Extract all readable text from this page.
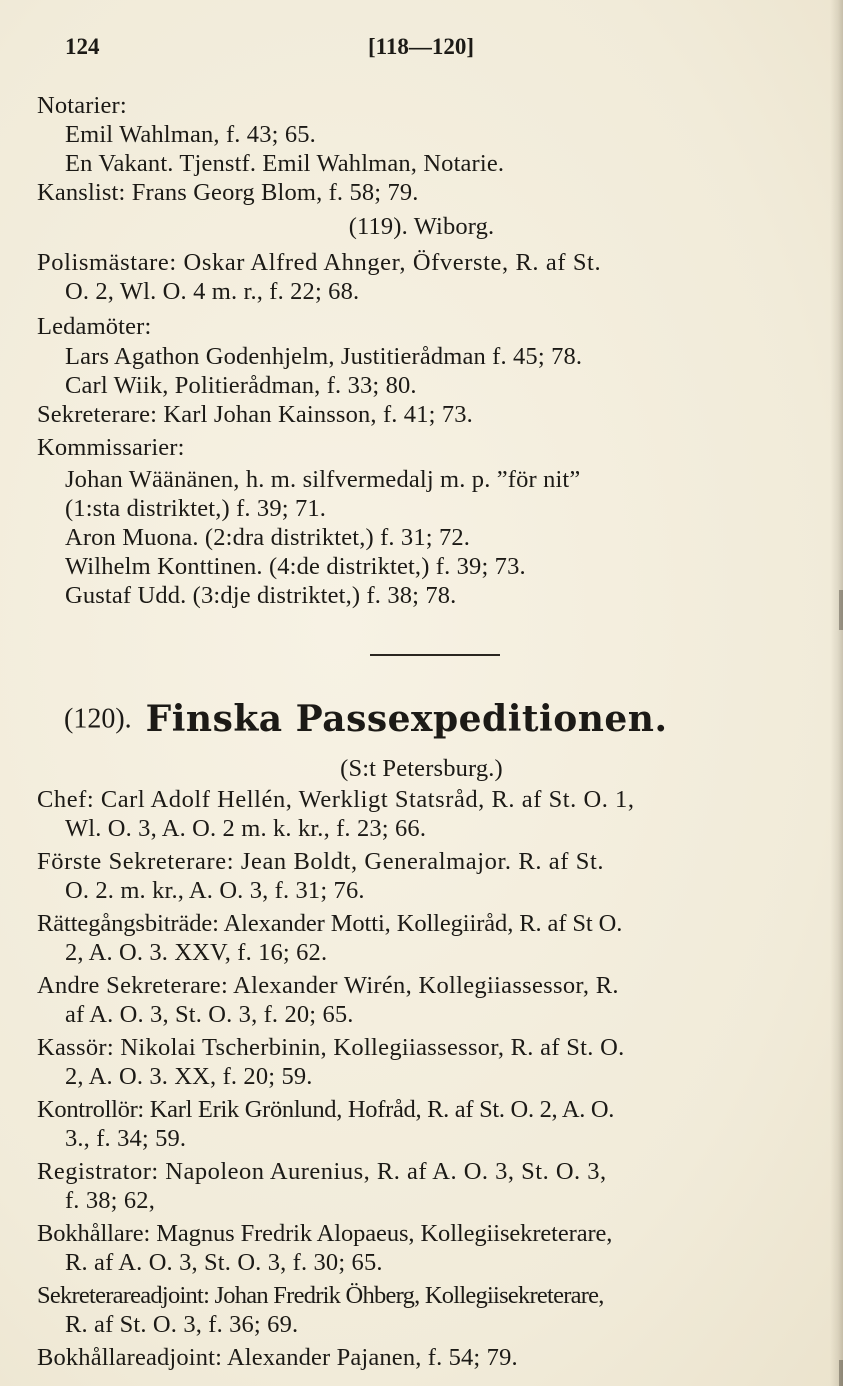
124	[118—120]
Notarier:
Emil Wahlman, f. 43; 65.
En Vakant. Tjenstf. Emil Wahlman, Notarie.
Kanslist: Frans Georg Blom, f. 58; 79.
(119). Wiborg.
Polismästare: Oskar Alfred Ahnger, Öfverste, R. af St.
O. 2, Wl. O. 4 m. r., f. 22; 68.
Ledamöter:
Lars Agathon Godenhjelm, Justitierådman f. 45; 78.
Carl Wiik, Politierådman, f. 33; 80.
Sekreterare: Karl Johan Kainsson, f. 41; 73.
Kommissarier:
Johan Wäänänen, h. m. silfvermedalj m. p. ”för nit”
(1:sta distriktet,) f. 39; 71.
Aron Muona. (2:dra distriktet,) f. 31; 72.
Wilhelm Konttinen. (4:de distriktet,) f. 39; 73.
Gustaf Udd. (3:dje distriktet,) f. 38; 78.
(120). Finska Passexpeditionen.
(S:t Petersburg.)
Chef: Carl Adolf Hellén, Werkligt Statsråd, R. af St. O. 1,
Wl. O. 3, A. O. 2 m. k. kr., f. 23; 66.
Förste Sekreterare: Jean Boldt, Generalmajor. R. af St.
O. 2. m. kr., A. O. 3, f. 31; 76.
Rättegångsbiträde: Alexander Motti, Kollegiiråd, R. af St O.
2, A. O. 3. XXV, f. 16; 62.
Andre Sekreterare: Alexander Wirén, Kollegiiassessor, R.
af A. O. 3, St. O. 3, f. 20; 65.
Kassör: Nikolai Tscherbinin, Kollegiiassessor, R. af St. O.
2, A. O. 3. XX, f. 20; 59.
Kontrollör: Karl Erik Grönlund, Hofråd, R. af St. O. 2, A. O.
3., f. 34; 59.
Registrator: Napoleon Aurenius, R. af A. O. 3, St. O. 3,
f. 38; 62,
Bokhållare: Magnus Fredrik Alopaeus, Kollegiisekreterare,
R. af A. O. 3, St. O. 3, f. 30; 65.
Sekreterareadjoint: Johan Fredrik Öhberg, Kollegiisekreterare,
R. af St. O. 3, f. 36; 69.
Bokhållareadjoint: Alexander Pajanen, f. 54; 79.
